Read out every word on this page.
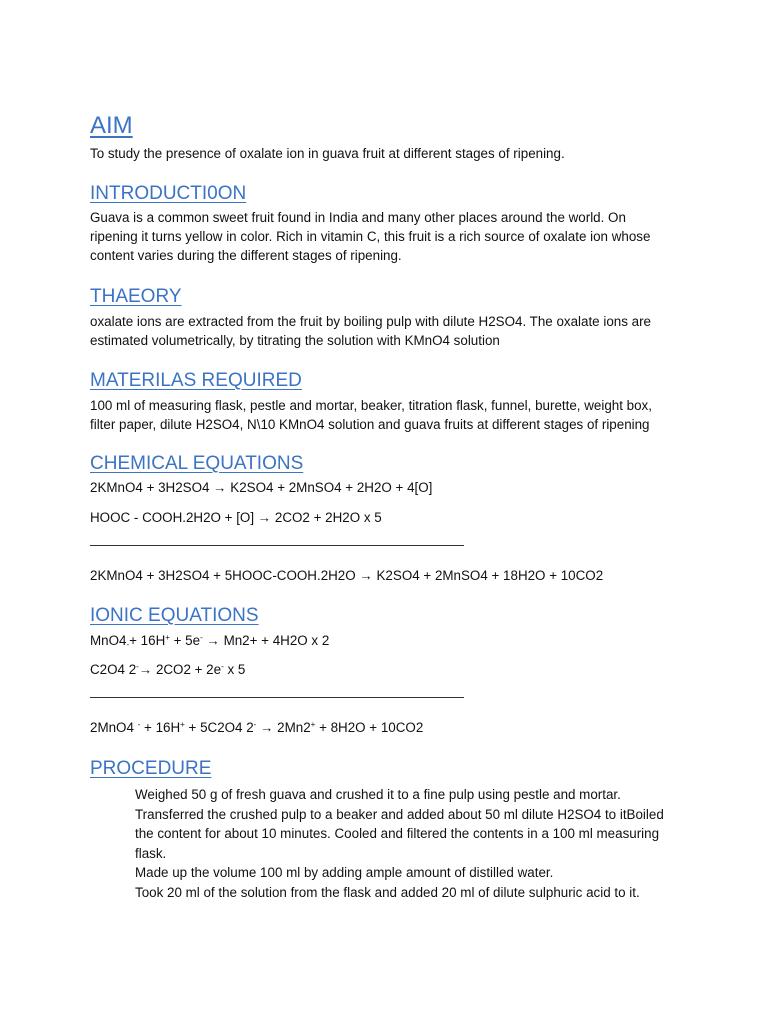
AIM

To study the presence of oxalate ion in guava fruit at different stages of ripening.

INTRODUCTI0ON

Guava is a common sweet fruit found in India and many other places around the world. On ripening it turns yellow in color. Rich in vitamin C, this fruit is a rich source of oxalate ion whose content varies during the different stages of ripening.

THAEORY

oxalate ions are extracted from the fruit by boiling pulp with dilute H2SO4. The oxalate ions are estimated volumetrically, by titrating the solution with KMnO4 solution

MATERILAS REQUIRED

100 ml of measuring flask, pestle and mortar, beaker, titration flask, funnel, burette, weight box, filter paper, dilute H2SO4, N\10 KMnO4 solution and guava fruits at different stages of ripening

CHEMICAL EQUATIONS

2KMnO4 + 3H2SO4 → K2SO4 + 2MnSO4 + 2H2O + 4[O]

HOOC - COOH.2H2O + [O] → 2CO2 + 2H2O x 5

2KMnO4 + 3H2SO4 + 5HOOC-COOH.2H2O → K2SO4 + 2MnSO4 + 18H2O + 10CO2

IONIC EQUATIONS

$MnO4_-+ 16H^+ + 5e^- \to Mn2+ + 4H2O$ x 2

C2O4 2-→ 2CO2 + 2e- x 5

2MnO4 - + 16H+ + 5C2O4 2- → 2Mn2+ + 8H2O + 10CO2

PROCEDURE

Weighed 50 g of fresh guava and crushed it to a fine pulp using pestle and mortar.

Transferred the crushed pulp to a beaker and added about 50 ml dilute H2SO4 to itBoiled the content for about 10 minutes. Cooled and filtered the contents in a 100 ml measuring flask.

Made up the volume 100 ml by adding ample amount of distilled water.

Took 20 ml of the solution from the flask and added 20 ml of dilute sulphuric acid to it.
